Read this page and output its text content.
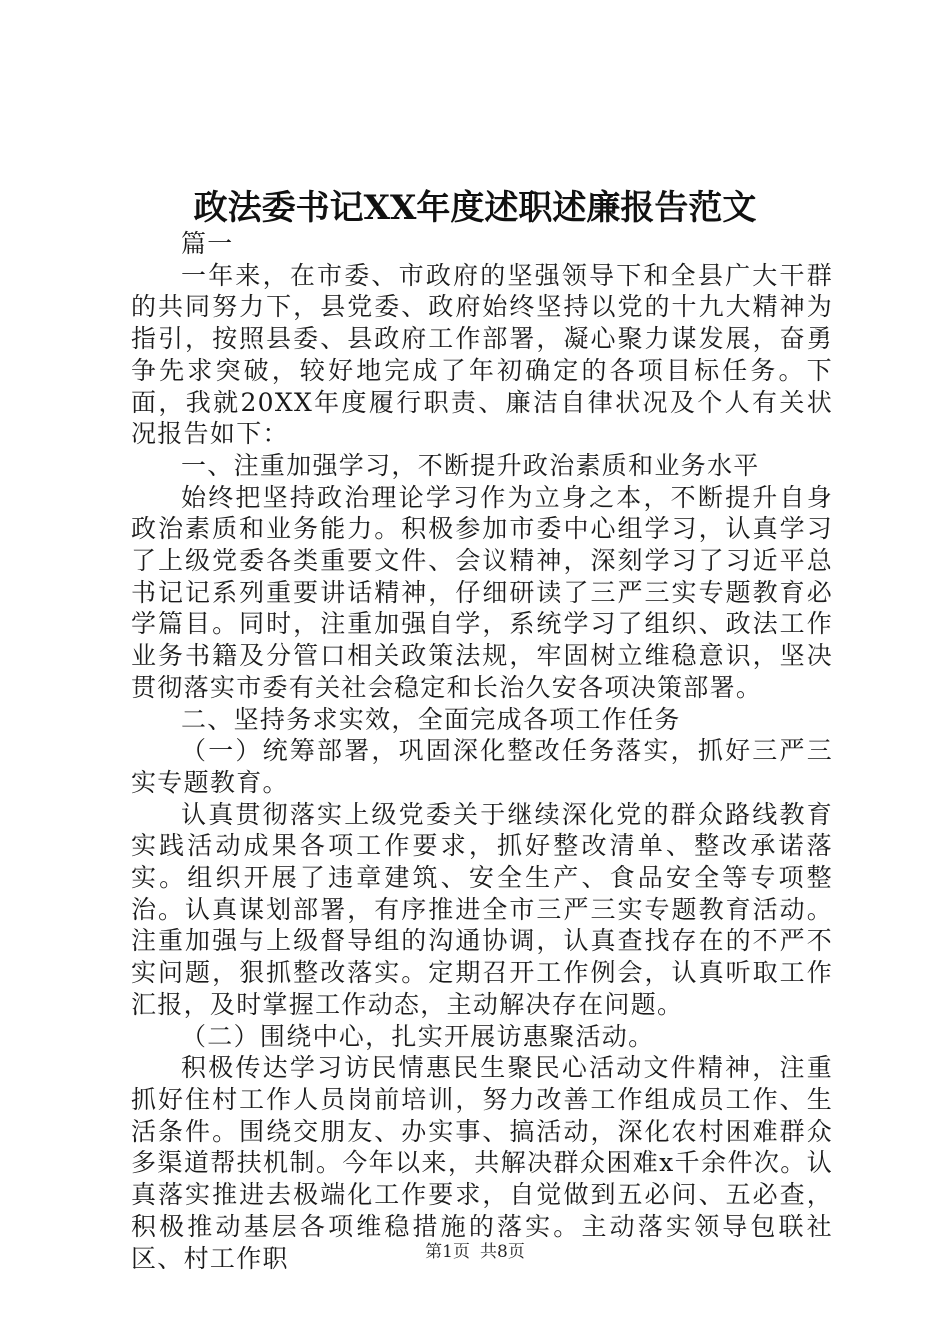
政法委书记XX年度述职述廉报告范文

篇一

一年来，在市委、市政府的坚强领导下和全县广大干群的共同努力下，县党委、政府始终坚持以党的十九大精神为指引，按照县委、县政府工作部署，凝心聚力谋发展，奋勇争先求突破，较好地完成了年初确定的各项目标任务。下面，我就20XX年度履行职责、廉洁自律状况及个人有关状况报告如下：

一、注重加强学习，不断提升政治素质和业务水平

始终把坚持政治理论学习作为立身之本，不断提升自身政治素质和业务能力。积极参加市委中心组学习，认真学习了上级党委各类重要文件、会议精神，深刻学习了习近平总书记记系列重要讲话精神，仔细研读了三严三实专题教育必学篇目。同时，注重加强自学，系统学习了组织、政法工作业务书籍及分管口相关政策法规，牢固树立维稳意识，坚决贯彻落实市委有关社会稳定和长治久安各项决策部署。

二、坚持务求实效，全面完成各项工作任务

（一）统筹部署，巩固深化整改任务落实，抓好三严三实专题教育。

认真贯彻落实上级党委关于继续深化党的群众路线教育实践活动成果各项工作要求，抓好整改清单、整改承诺落实。组织开展了违章建筑、安全生产、食品安全等专项整治。认真谋划部署，有序推进全市三严三实专题教育活动。注重加强与上级督导组的沟通协调，认真查找存在的不严不实问题，狠抓整改落实。定期召开工作例会，认真听取工作汇报，及时掌握工作动态，主动解决存在问题。

（二）围绕中心，扎实开展访惠聚活动。

积极传达学习访民情惠民生聚民心活动文件精神，注重抓好住村工作人员岗前培训，努力改善工作组成员工作、生活条件。围绕交朋友、办实事、搞活动，深化农村困难群众多渠道帮扶机制。今年以来，共解决群众困难x千余件次。认真落实推进去极端化工作要求，自觉做到五必问、五必查，积极推动基层各项维稳措施的落实。主动落实领导包联社区、村工作职	第1页 共8页
